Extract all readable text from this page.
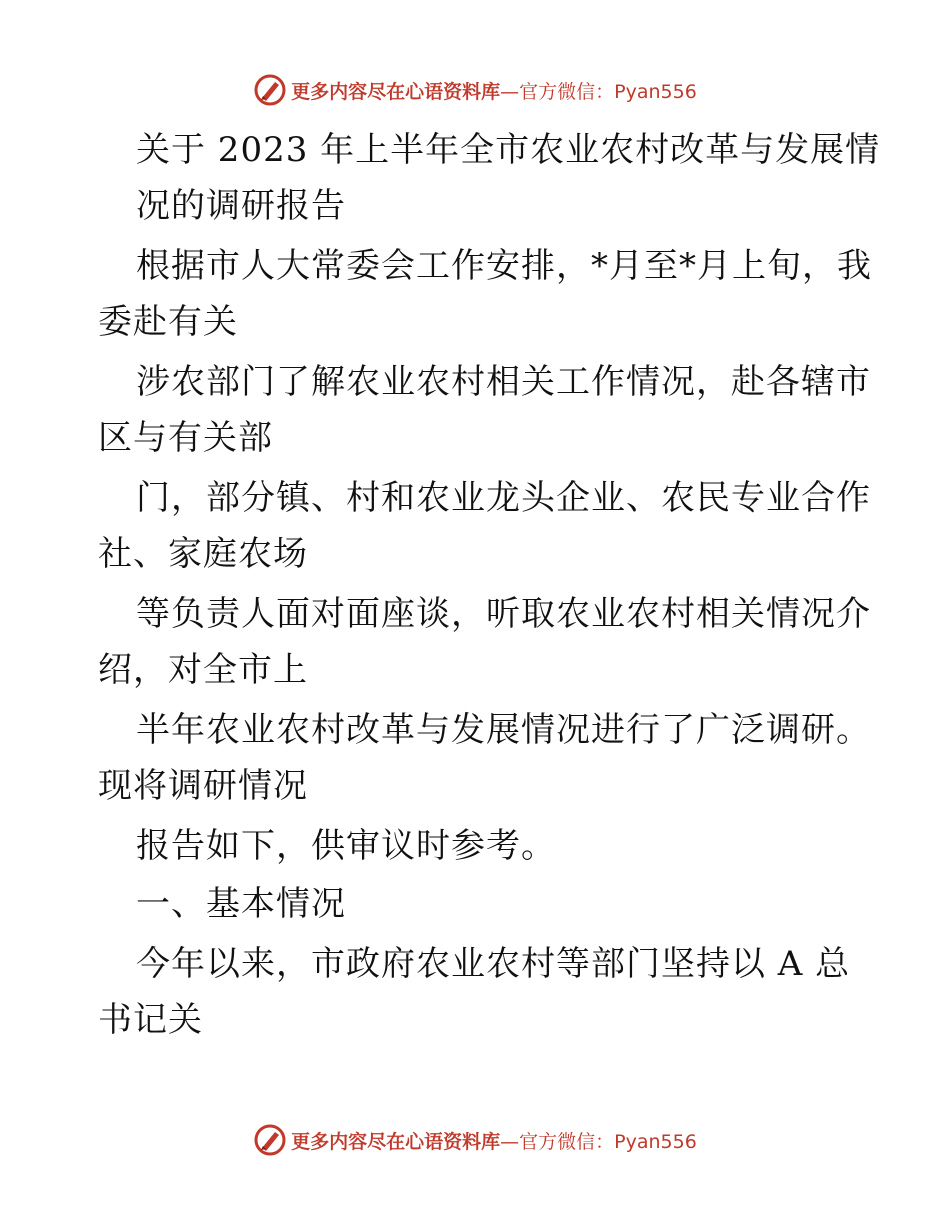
更多内容尽在心语资料库 —官方微信：Pyan556
关于 2023 年上半年全市农业农村改革与发展情
况的调研报告
根据市人大常委会工作安排，*月至*月上旬，我
委赴有关
涉农部门了解农业农村相关工作情况，赴各辖市
区与有关部
门，部分镇、村和农业龙头企业、农民专业合作
社、家庭农场
等负责人面对面座谈，听取农业农村相关情况介
绍，对全市上
半年农业农村改革与发展情况进行了广泛调研。
现将调研情况
报告如下，供审议时参考。
一、基本情况
今年以来，市政府农业农村等部门坚持以 A 总
书记关
更多内容尽在心语资料库 —官方微信：Pyan556
